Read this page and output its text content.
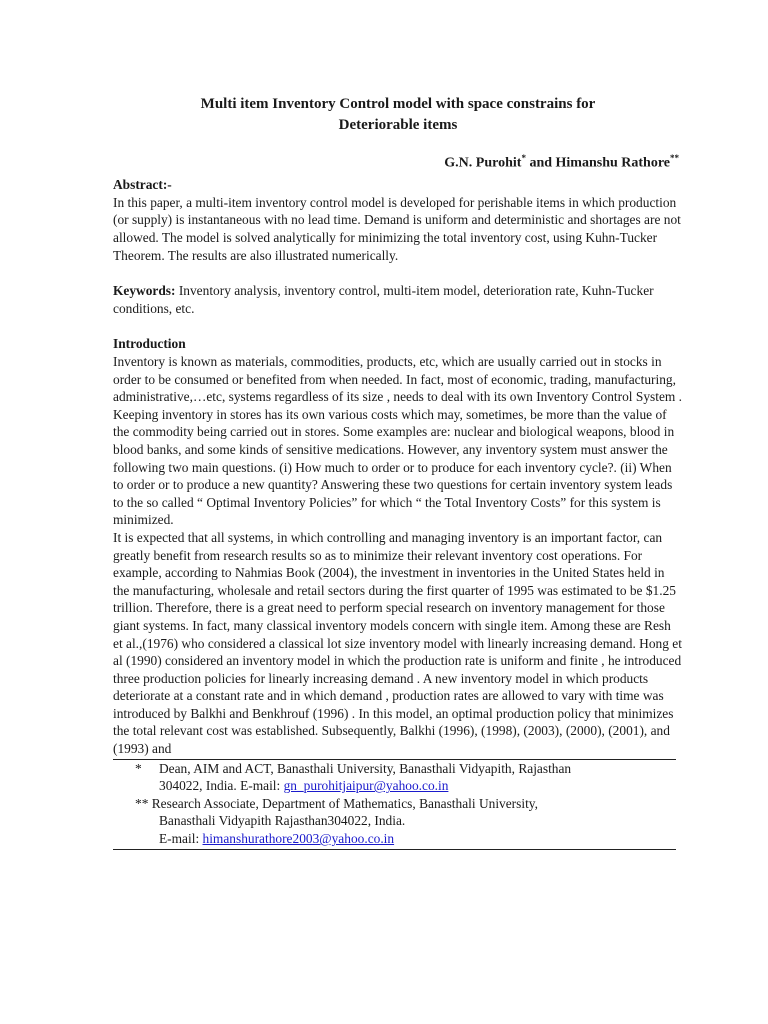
Multi item Inventory Control model with space constrains for
Deteriorable items
G.N. Purohit* and Himanshu Rathore**
Abstract:-

In this paper, a multi-item inventory control model is developed for perishable items in which production (or supply) is instantaneous with no lead time. Demand is uniform and deterministic and shortages are not allowed. The model is solved analytically for minimizing the total inventory cost, using Kuhn-Tucker Theorem. The results are also illustrated numerically.

Keywords: Inventory analysis, inventory control, multi-item model, deterioration rate, Kuhn-Tucker conditions, etc.

Introduction

Inventory is known as materials, commodities, products, etc, which are usually carried out in stocks in order to be consumed or benefited from when needed. In fact, most of economic, trading, manufacturing, administrative,…etc, systems regardless of its size , needs to deal with its own Inventory Control System . Keeping inventory in stores has its own various costs which may, sometimes, be more than the value of the commodity being carried out in stores. Some examples are: nuclear and biological weapons, blood in blood banks, and some kinds of sensitive medications. However, any inventory system must answer the following two main questions. (i) How much to order or to produce for each inventory cycle?. (ii) When to order or to produce a new quantity? Answering these two questions for certain inventory system leads to the so called “ Optimal Inventory Policies” for which “ the Total Inventory Costs” for this system is minimized.

It is expected that all systems, in which controlling and managing inventory is an important factor, can greatly benefit from research results so as to minimize their relevant inventory cost operations. For example, according to Nahmias Book (2004), the investment in inventories in the United States held in the manufacturing, wholesale and retail sectors during the first quarter of 1995 was estimated to be $1.25 trillion. Therefore, there is a great need to perform special research on inventory management for those giant systems. In fact, many classical inventory models concern with single item. Among these are Resh et al.,(1976) who considered a classical lot size inventory model with linearly increasing demand. Hong et al (1990) considered an inventory model in which the production rate is uniform and finite , he introduced three production policies for linearly increasing demand . A new inventory model in which products deteriorate at a constant rate and in which demand , production rates are allowed to vary with time was introduced by Balkhi and Benkhrouf (1996) . In this model, an optimal production policy that minimizes the total relevant cost was established. Subsequently, Balkhi (1996), (1998), (2003), (2000), (2001), and (1993) and

* Dean, AIM and ACT, Banasthali University, Banasthali Vidyapith, Rajasthan
304022, India. E-mail: gn_purohitjaipur@yahoo.co.in
** Research Associate, Department of Mathematics, Banasthali University,
Banasthali Vidyapith Rajasthan304022, India.
E-mail: himanshurathore2003@yahoo.co.in
